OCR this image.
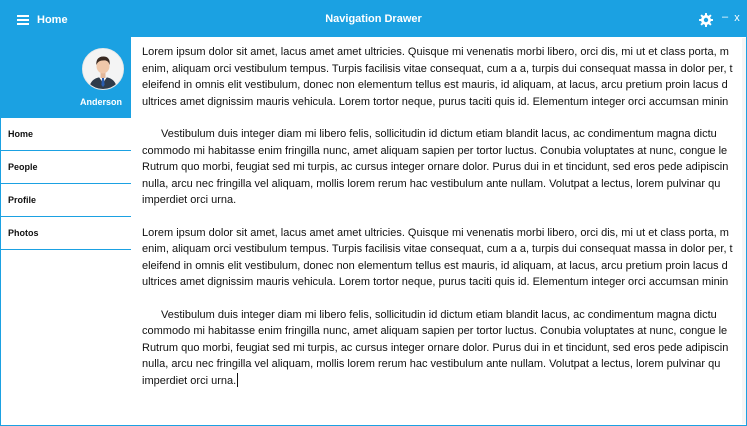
Home	Navigation Drawer	– x
Anderson
Home
People
Profile
Photos

Lorem ipsum dolor sit amet, lacus amet amet ultricies. Quisque mi venenatis morbi libero, orci dis, mi ut et class porta, m
enim, aliquam orci vestibulum tempus. Turpis facilisis vitae consequat, cum a a, turpis dui consequat massa in dolor per, t
eleifend in omnis elit vestibulum, donec non elementum tellus est mauris, id aliquam, at lacus, arcu pretium proin lacus d
ultrices amet dignissim mauris vehicula. Lorem tortor neque, purus taciti quis id. Elementum integer orci accumsan minin

Vestibulum duis integer diam mi libero felis, sollicitudin id dictum etiam blandit lacus, ac condimentum magna dictu
commodo mi habitasse enim fringilla nunc, amet aliquam sapien per tortor luctus. Conubia voluptates at nunc, congue le
Rutrum quo morbi, feugiat sed mi turpis, ac cursus integer ornare dolor. Purus dui in et tincidunt, sed eros pede adipiscin
nulla, arcu nec fringilla vel aliquam, mollis lorem rerum hac vestibulum ante nullam. Volutpat a lectus, lorem pulvinar qu
imperdiet orci urna.

Lorem ipsum dolor sit amet, lacus amet amet ultricies. Quisque mi venenatis morbi libero, orci dis, mi ut et class porta, m
enim, aliquam orci vestibulum tempus. Turpis facilisis vitae consequat, cum a a, turpis dui consequat massa in dolor per, t
eleifend in omnis elit vestibulum, donec non elementum tellus est mauris, id aliquam, at lacus, arcu pretium proin lacus d
ultrices amet dignissim mauris vehicula. Lorem tortor neque, purus taciti quis id. Elementum integer orci accumsan minin

Vestibulum duis integer diam mi libero felis, sollicitudin id dictum etiam blandit lacus, ac condimentum magna dictu
commodo mi habitasse enim fringilla nunc, amet aliquam sapien per tortor luctus. Conubia voluptates at nunc, congue le
Rutrum quo morbi, feugiat sed mi turpis, ac cursus integer ornare dolor. Purus dui in et tincidunt, sed eros pede adipiscin
nulla, arcu nec fringilla vel aliquam, mollis lorem rerum hac vestibulum ante nullam. Volutpat a lectus, lorem pulvinar qu
imperdiet orci urna.
